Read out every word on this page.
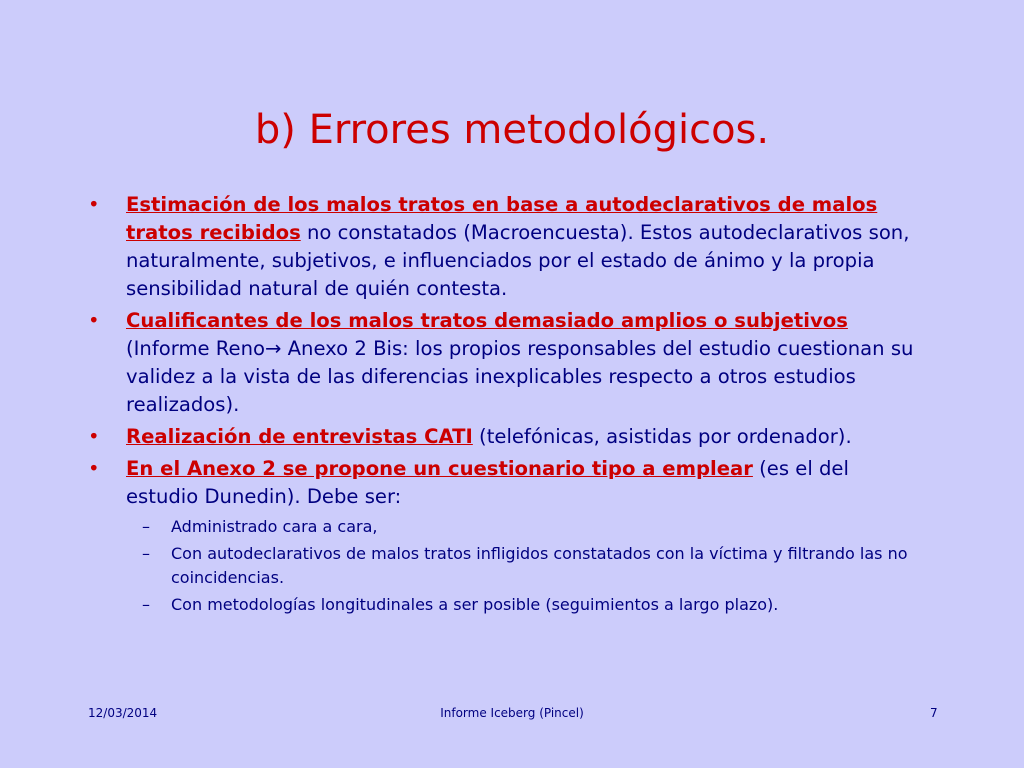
b) Errores metodológicos.
• Estimación de los malos tratos en base a autodeclarativos de malos tratos recibidos no constatados (Macroencuesta). Estos autodeclarativos son, naturalmente, subjetivos, e influenciados por el estado de ánimo y la propia sensibilidad natural de quién contesta.
• Cualificantes de los malos tratos demasiado amplios o subjetivos (Informe Reno→ Anexo 2 Bis: los propios responsables del estudio cuestionan su validez a la vista de las diferencias inexplicables respecto a otros estudios realizados).
• Realización de entrevistas CATI (telefónicas, asistidas por ordenador).
• En el Anexo 2 se propone un cuestionario tipo a emplear (es el del estudio Dunedin). Debe ser:
– Administrado cara a cara,
– Con autodeclarativos de malos tratos infligidos constatados con la víctima y filtrando las no coincidencias.
– Con metodologías longitudinales a ser posible (seguimientos a largo plazo).
12/03/2014	Informe Iceberg (Pincel)	7
